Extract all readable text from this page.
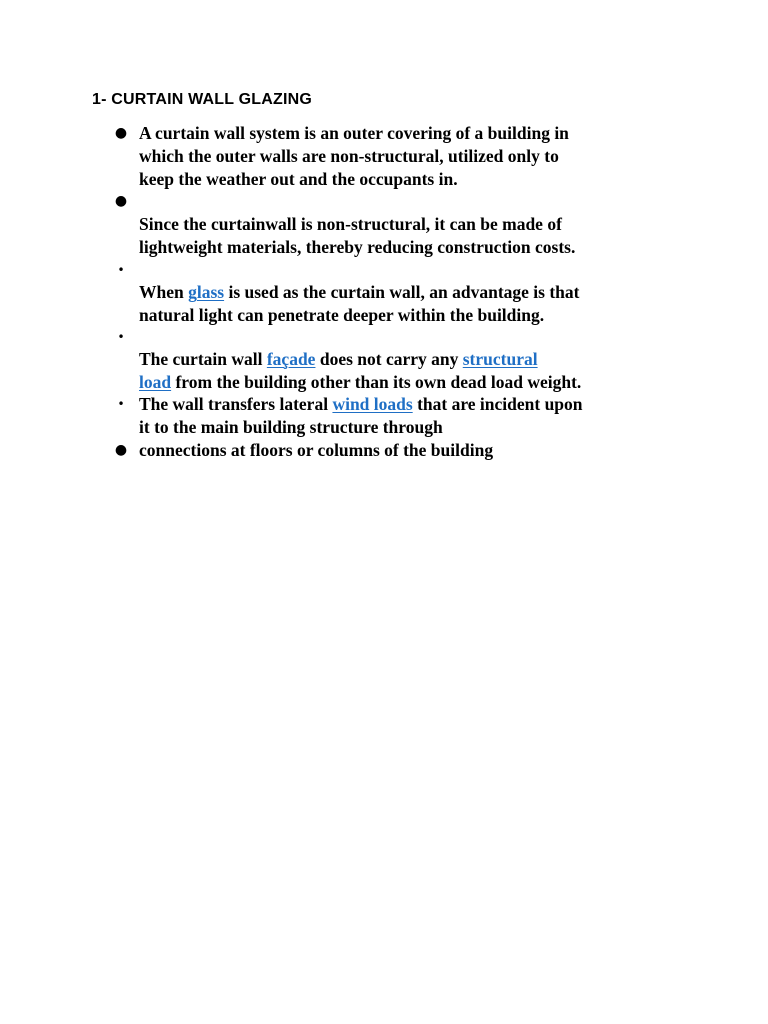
1- CURTAIN WALL GLAZING
● A curtain wall system is an outer covering of a building in
which the outer walls are non-structural, utilized only to
keep the weather out and the occupants in.
●
Since the curtainwall is non-structural, it can be made of
lightweight materials, thereby reducing construction costs.
•
When glass is used as the curtain wall, an advantage is that
natural light can penetrate deeper within the building.
•
The curtain wall façade does not carry any structural
load from the building other than its own dead load weight.
• The wall transfers lateral wind loads that are incident upon
it to the main building structure through
● connections at floors or columns of the building
